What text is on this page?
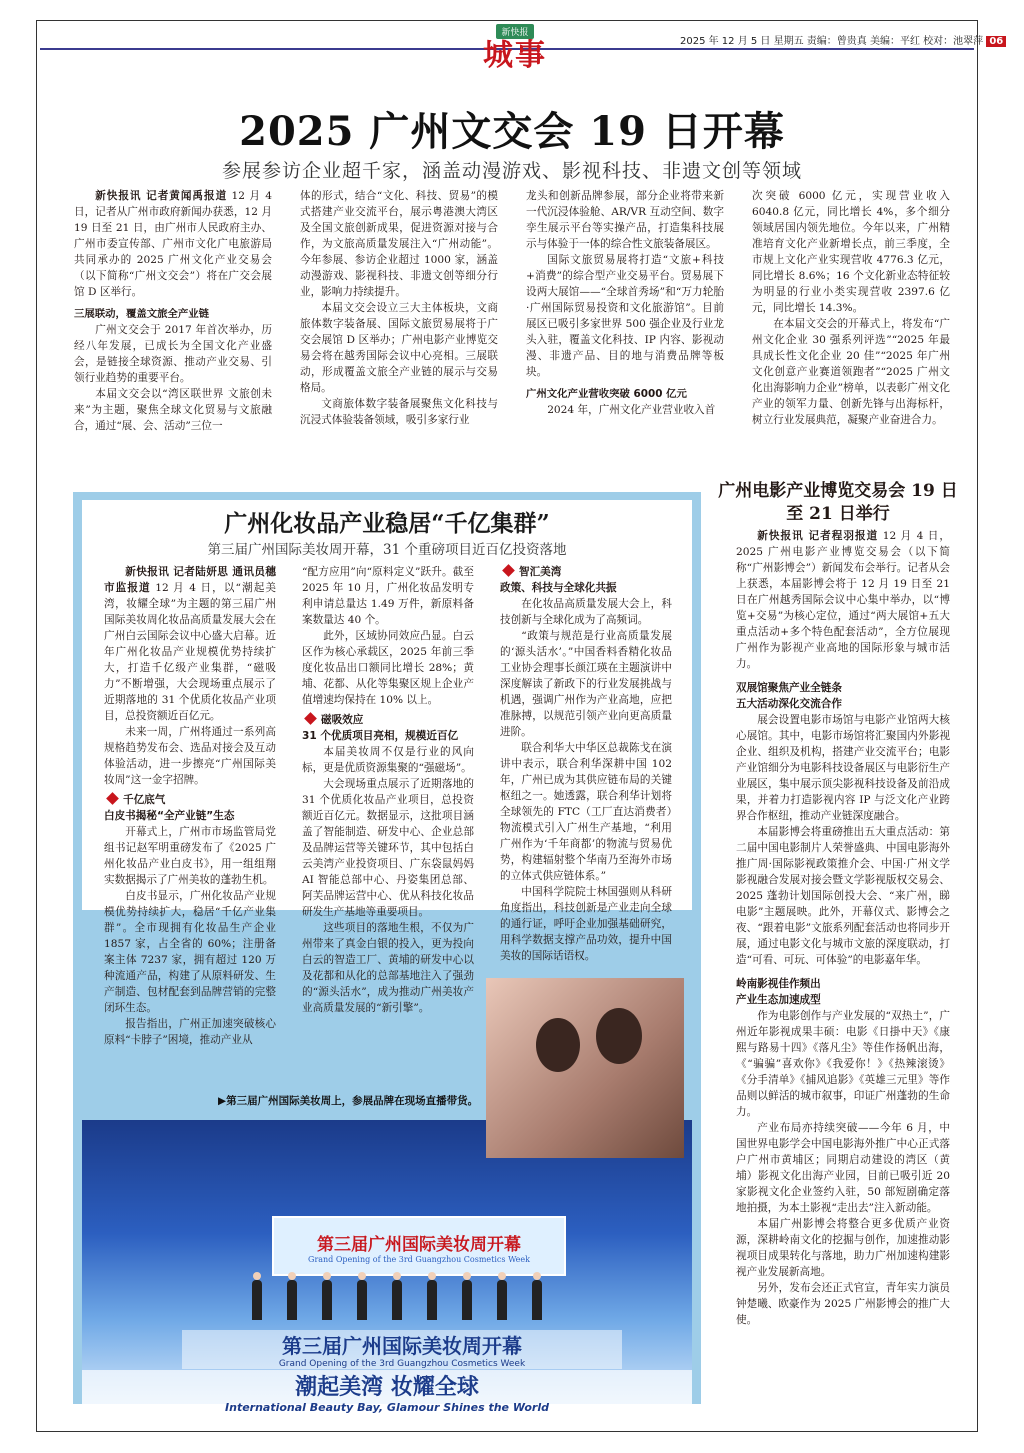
新快报
城事	2025 年 12 月 5 日 星期五 责编：曾贵真 美编：平红 校对：池翠萍 06
2025 广州文交会 19 日开幕
参展参访企业超千家，涵盖动漫游戏、影视科技、非遗文创等领域

新快报讯 记者黄闻禹报道 12 月 4 日，记者从广州市政府新闻办获悉，12 月 19 日至 21 日，由广州市人民政府主办、广州市委宣传部、广州市文化广电旅游局共同承办的 2025 广州文化产业交易会（以下简称“广州文交会”）将在广交会展馆 D 区举行。

三展联动，覆盖文旅全产业链

广州文交会于 2017 年首次举办，历经八年发展，已成长为全国文化产业盛会，是链接全球资源、推动产业交易、引领行业趋势的重要平台。

本届文交会以“湾区联世界 文旅创未来”为主题，聚焦全球文化贸易与文旅融合，通过“展、会、活动”三位一

体的形式，结合“文化、科技、贸易”的模式搭建产业交流平台，展示粤港澳大湾区及全国文旅创新成果，促进资源对接与合作，为文旅高质量发展注入“广州动能”。今年参展、参访企业超过 1000 家，涵盖动漫游戏、影视科技、非遗文创等细分行业，影响力持续提升。

本届文交会设立三大主体板块，文商旅体数字装备展、国际文旅贸易展将于广交会展馆 D 区举办；广州电影产业博览交易会将在越秀国际会议中心亮相。三展联动，形成覆盖文旅全产业链的展示与交易格局。

文商旅体数字装备展聚焦文化科技与沉浸式体验装备领域，吸引多家行业

龙头和创新品牌参展，部分企业将带来新一代沉浸体验舱、AR/VR 互动空间、数字孪生展示平台等实操产品，打造集科技展示与体验于一体的综合性文旅装备展区。

国际文旅贸易展将打造“文旅+科技+消费”的综合型产业交易平台。贸易展下设两大展馆——“全球首秀场”和“万力轮胎·广州国际贸易投资和文化旅游馆”。目前展区已吸引多家世界 500 强企业及行业龙头入驻，覆盖文化科技、IP 内容、影视动漫、非遗产品、目的地与消费品牌等板块。

广州文化产业营收突破 6000 亿元

2024 年，广州文化产业营业收入首

次突破 6000 亿元，实现营业收入 6040.8 亿元，同比增长 4%，多个细分领域居国内领先地位。今年以来，广州精准培育文化产业新增长点，前三季度，全市规上文化产业实现营收 4776.3 亿元，同比增长 8.6%；16 个文化新业态特征较为明显的行业小类实现营收 2397.6 亿元，同比增长 14.3%。

在本届文交会的开幕式上，将发布“广州文化企业 30 强系列评选”“2025 年最具成长性文化企业 20 佳”“2025 年广州文化创意产业赛道领跑者”“2025 广州文化出海影响力企业”榜单，以表彰广州文化产业的领军力量、创新先锋与出海标杆，树立行业发展典范，凝聚产业奋进合力。

广州化妆品产业稳居“千亿集群”
第三届广州国际美妆周开幕，31 个重磅项目近百亿投资落地

新快报讯 记者陆妍思 通讯员穗市监报道 12 月 4 日，以“潮起美湾，妆耀全球”为主题的第三届广州国际美妆周化妆品高质量发展大会在广州白云国际会议中心盛大启幕。近年广州化妆品产业规模优势持续扩大，打造千亿级产业集群，“磁吸力”不断增强，大会现场重点展示了近期落地的 31 个优质化妆品产业项目，总投资额近百亿元。

未来一周，广州将通过一系列高规格趋势发布会、选品对接会及互动体验活动，进一步擦亮“广州国际美妆周”这一金字招牌。

千亿底气

白皮书揭秘“全产业链”生态

开幕式上，广州市市场监管局党组书记赵军明重磅发布了《2025 广州化妆品产业白皮书》，用一组组翔实数据揭示了广州美妆的蓬勃生机。

白皮书显示，广州化妆品产业规模优势持续扩大，稳居“千亿产业集群”。全市现拥有化妆品生产企业 1857 家，占全省的 60%；注册备案主体 7237 家，拥有超过 120 万种流通产品，构建了从原料研发、生产制造、包材配套到品牌营销的完整闭环生态。

报告指出，广州正加速突破核心原料“卡脖子”困境，推动产业从

“配方应用”向“原料定义”跃升。截至 2025 年 10 月，广州化妆品发明专利申请总量达 1.49 万件，新原料备案数量达 40 个。

此外，区域协同效应凸显。白云区作为核心承载区，2025 年前三季度化妆品出口额同比增长 28%；黄埔、花都、从化等集聚区规上企业产值增速均保持在 10% 以上。

磁吸效应

31 个优质项目亮相，规模近百亿

本届美妆周不仅是行业的风向标，更是优质资源集聚的“强磁场”。

大会现场重点展示了近期落地的 31 个优质化妆品产业项目，总投资额近百亿元。数据显示，这批项目涵盖了智能制造、研发中心、企业总部及品牌运营等关键环节，其中包括白云美湾产业投资项目、广东袋鼠妈妈 AI 智能总部中心、丹姿集团总部、阿芙品牌运营中心、优从科技化妆品研发生产基地等重要项目。

这些项目的落地生根，不仅为广州带来了真金白银的投入，更为投向白云的智造工厂、黄埔的研发中心以及花都和从化的总部基地注入了强劲的“源头活水”，成为推动广州美妆产业高质量发展的“新引擎”。

智汇美湾

政策、科技与全球化共振

在化妆品高质量发展大会上，科技创新与全球化成为了高频词。

“政策与规范是行业高质量发展的‘源头活水’。”中国香料香精化妆品工业协会理事长颜江瑛在主题演讲中深度解读了新政下的行业发展挑战与机遇，强调广州作为产业高地，应把准脉搏，以规范引领产业向更高质量进阶。

联合利华大中华区总裁陈戈在演讲中表示，联合利华深耕中国 102 年，广州已成为其供应链布局的关键枢纽之一。她透露，联合利华计划将全球领先的 FTC（工厂直达消费者）物流模式引入广州生产基地，“利用广州作为‘千年商都’的物流与贸易优势，构建辐射整个华南乃至海外市场的立体式供应链体系。”

中国科学院院士林国强则从科研角度指出，科技创新是产业走向全球的通行证，呼吁企业加强基础研究，用科学数据支撑产品功效，提升中国美妆的国际话语权。

第三届广州国际美妆周开幕
Grand Opening of the 3rd Guangzhou Cosmetics Week
第三届广州国际美妆周开幕
Grand Opening of the 3rd Guangzhou Cosmetics Week
潮起美湾 妆耀全球
International Beauty Bay, Glamour Shines the World
▶第三届广州国际美妆周上，参展品牌在现场直播带货。
广州电影产业博览交易会 19 日至 21 日举行

新快报讯 记者程羽报道 12 月 4 日，2025 广州电影产业博览交易会（以下简称“广州影博会”）新闻发布会举行。记者从会上获悉，本届影博会将于 12 月 19 日至 21 日在广州越秀国际会议中心集中举办，以“博览+交易”为核心定位，通过“两大展馆+五大重点活动+多个特色配套活动”，全方位展现广州作为影视产业高地的国际形象与城市活力。

双展馆聚焦产业全链条

五大活动深化交流合作

展会设置电影市场馆与电影产业馆两大核心展馆。其中，电影市场馆将汇聚国内外影视企业、组织及机构，搭建产业交流平台；电影产业馆细分为电影科技设备展区与电影衍生产业展区，集中展示顶尖影视科技设备及前沿成果，并着力打造影视内容 IP 与泛文化产业跨界合作枢纽，推动产业链深度融合。

本届影博会将重磅推出五大重点活动：第二届中国电影制片人荣誉盛典、中国电影海外推广周·国际影视政策推介会、中国·广州文学影视融合发展对接会暨文学影视版权交易会、2025 蓬勃计划国际创投大会、“来广州，睇电影”主题展映。此外，开幕仪式、影博会之夜、“跟着电影”文旅系列配套活动也将同步开展，通过电影文化与城市文旅的深度联动，打造“可看、可玩、可体验”的电影嘉年华。

岭南影视佳作频出

产业生态加速成型

作为电影创作与产业发展的“双热土”，广州近年影视成果丰硕：电影《日掛中天》《康熙与路易十四》《落凡尘》等佳作扬帆出海，《“骗骗”喜欢你》《我爱你！》《热辣滚烫》《分手清单》《捕风追影》《英雄三元里》等作品则以鲜活的城市叙事，印证广州蓬勃的生命力。

产业布局亦持续突破——今年 6 月，中国世界电影学会中国电影海外推广中心正式落户广州市黄埔区；同期启动建设的湾区（黄埔）影视文化出海产业园，目前已吸引近 20 家影视文化企业签约入驻，50 部短剧确定落地拍摄，为本土影视“走出去”注入新动能。

本届广州影博会将整合更多优质产业资源，深耕岭南文化的挖掘与创作，加速推动影视项目成果转化与落地，助力广州加速构建影视产业发展新高地。

另外，发布会还正式官宣，青年实力演员钟楚曦、欧豪作为 2025 广州影博会的推广大使。
